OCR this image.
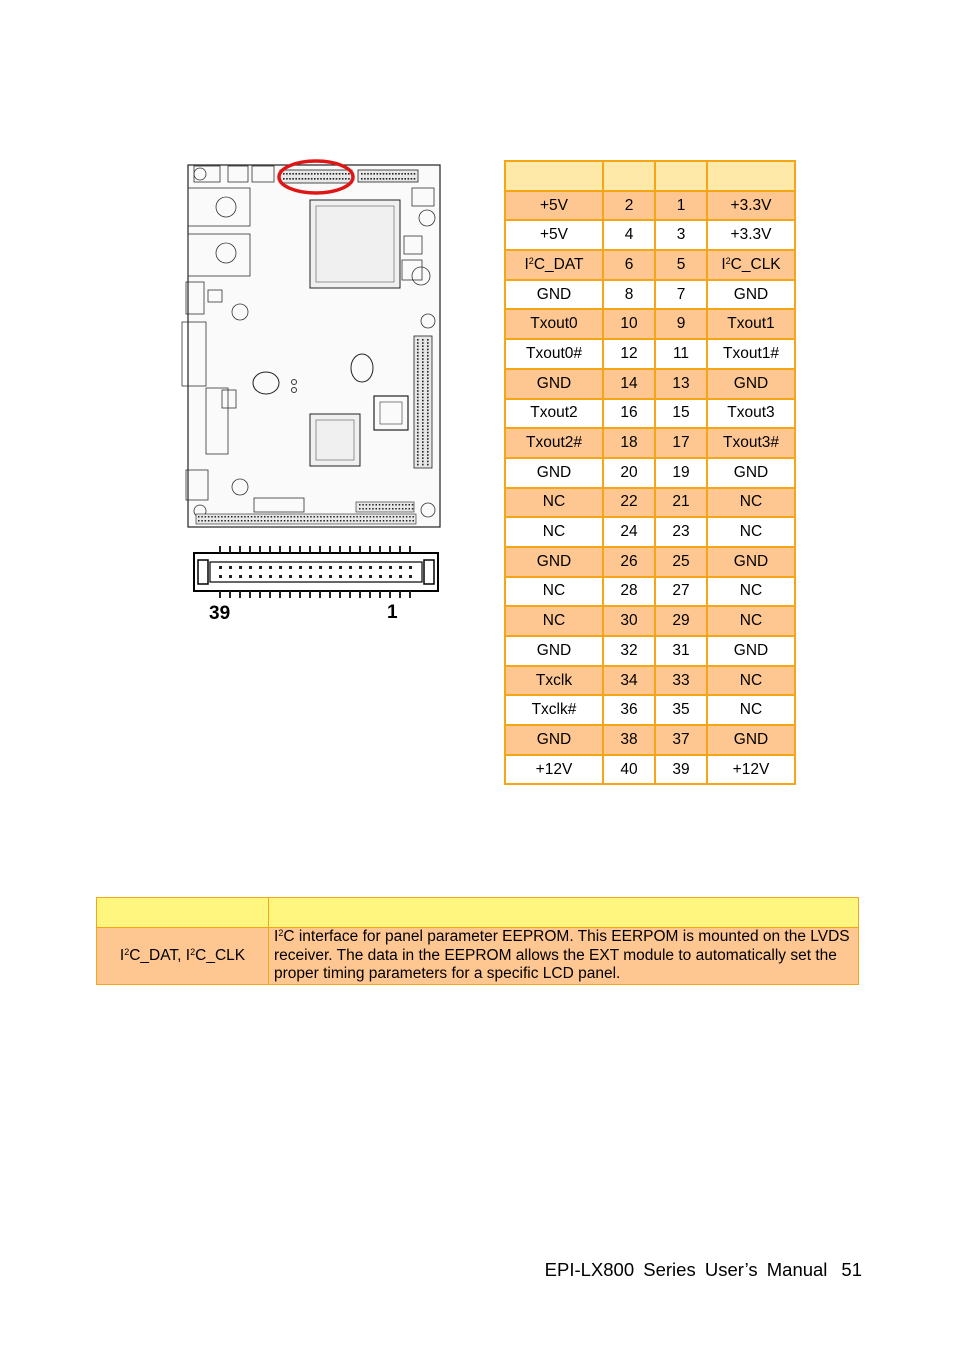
39	1

+5V	2	1	+3.3V
+5V	4	3	+3.3V
$I^2C\_DAT$	6	5	$I^2C\_CLK$
GND	8	7	GND
Txout0	10	9	Txout1
Txout0#	12	11	Txout1#
GND	14	13	GND
Txout2	16	15	Txout3
Txout2#	18	17	Txout3#
GND	20	19	GND
NC	22	21	NC
NC	24	23	NC
GND	26	25	GND
NC	28	27	NC
NC	30	29	NC
GND	32	31	GND
Txclk	34	33	NC
Txclk#	36	35	NC
GND	38	37	GND
+12V	40	39	+12V

$I^2C\_DAT$, $I^2C\_CLK$	$I^2C$ interface for panel parameter EEPROM. This EERPOM is mounted on the LVDS receiver. The data in the EEPROM allows the EXT module to automatically set the proper timing parameters for a specific LCD panel.
EPI-LX800 Series User’s Manual 51
